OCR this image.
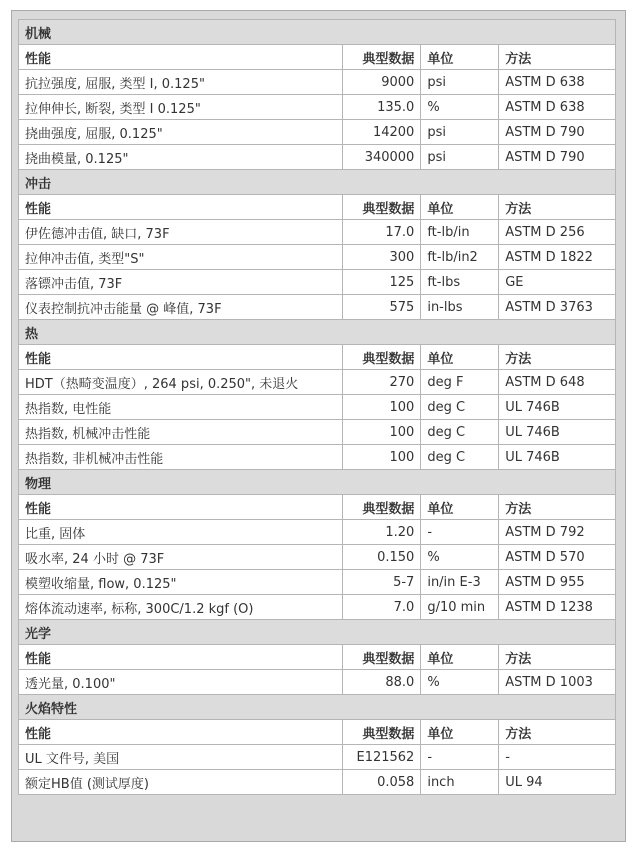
机械			
性能	典型数据	单位	方法
抗拉强度, 屈服, 类型 I, 0.125"	9000	psi	ASTM D 638
拉伸伸长, 断裂, 类型 I 0.125"	135.0	%	ASTM D 638
挠曲强度, 屈服, 0.125"	14200	psi	ASTM D 790
挠曲模量, 0.125"	340000	psi	ASTM D 790
冲击			
性能	典型数据	单位	方法
伊佐德冲击值, 缺口, 73F	17.0	ft-lb/in	ASTM D 256
拉伸冲击值, 类型"S"	300	ft-lb/in2	ASTM D 1822
落镖冲击值, 73F	125	ft-lbs	GE
仪表控制抗冲击能量 @ 峰值, 73F	575	in-lbs	ASTM D 3763
热			
性能	典型数据	单位	方法
HDT（热畸变温度）, 264 psi, 0.250", 未退火	270	deg F	ASTM D 648
热指数, 电性能	100	deg C	UL 746B
热指数, 机械冲击性能	100	deg C	UL 746B
热指数, 非机械冲击性能	100	deg C	UL 746B
物理			
性能	典型数据	单位	方法
比重, 固体	1.20	-	ASTM D 792
吸水率, 24 小时 @ 73F	0.150	%	ASTM D 570
模塑收缩量, flow, 0.125"	5-7	in/in E-3	ASTM D 955
熔体流动速率, 标称, 300C/1.2 kgf (O)	7.0	g/10 min	ASTM D 1238
光学			
性能	典型数据	单位	方法
透光量, 0.100"	88.0	%	ASTM D 1003
火焰特性			
性能	典型数据	单位	方法
UL 文件号, 美国	E121562	-	-
额定HB值 (测试厚度)	0.058	inch	UL 94
